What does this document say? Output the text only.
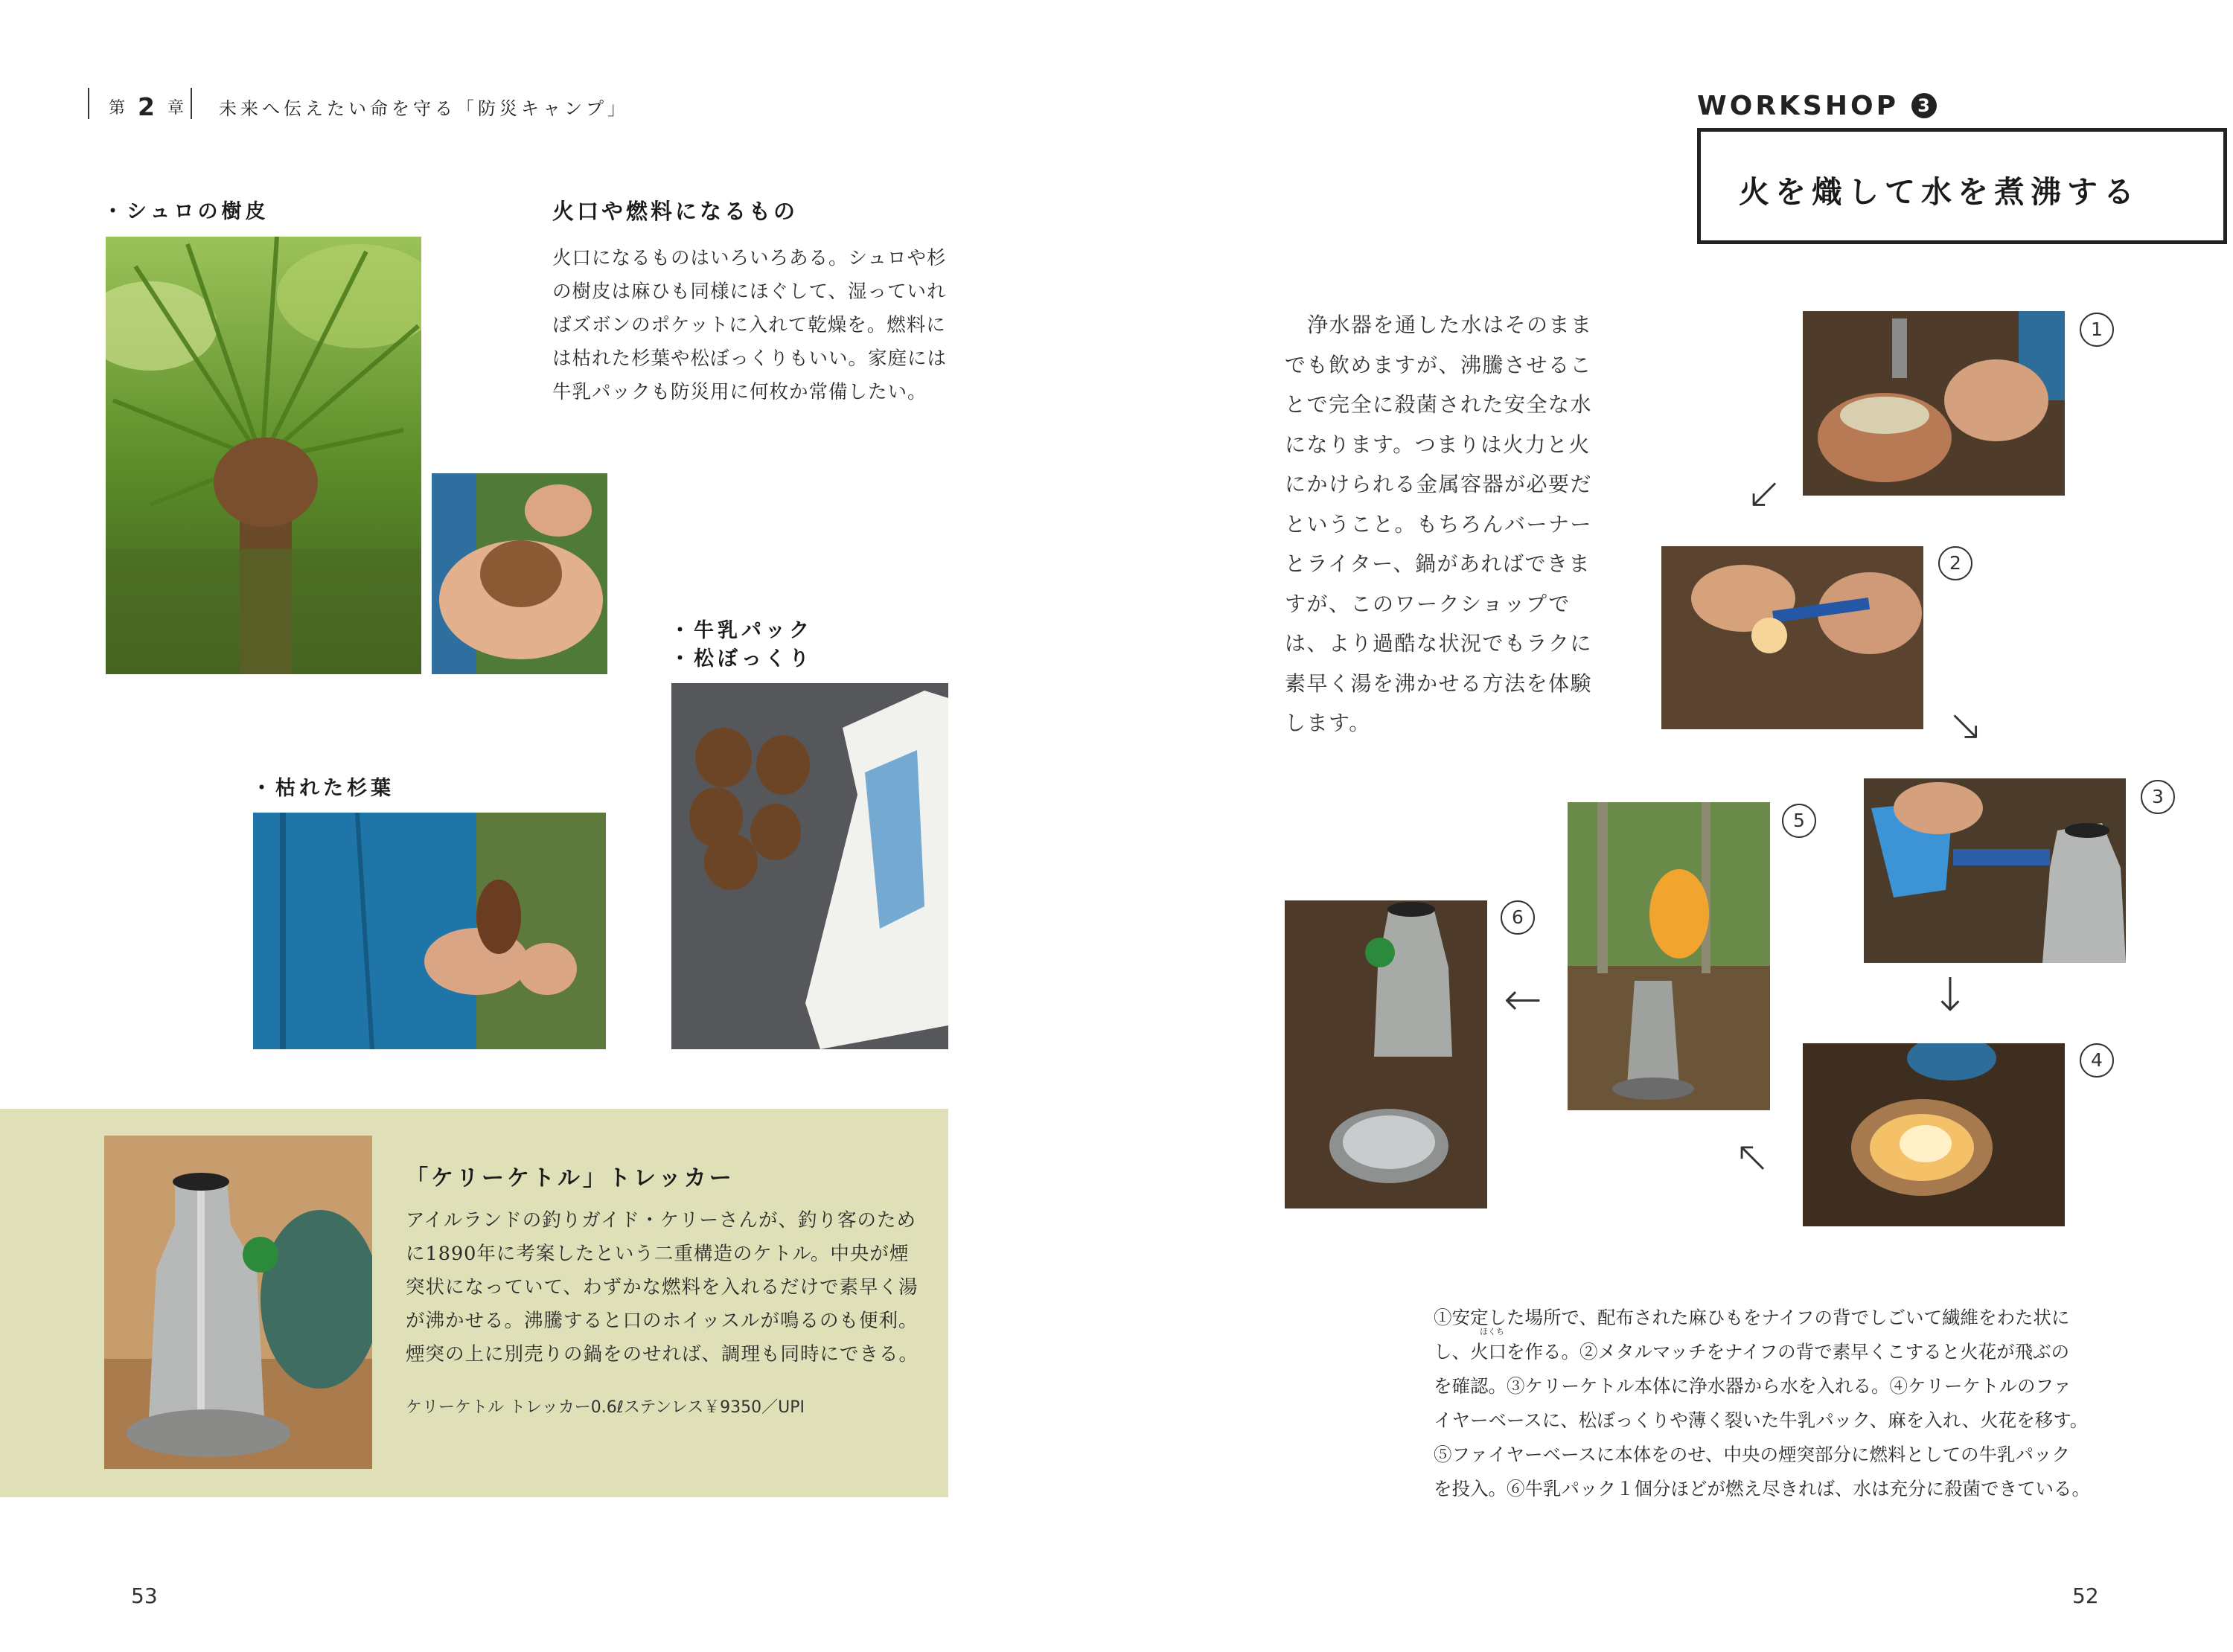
第 2 章 未来へ伝えたい命を守る「防災キャンプ」
・シュロの樹皮	火口や燃料になるもの
火口になるものはいろいろある。シュロや杉の樹皮は麻ひも同様にほぐして、湿っていればズボンのポケットに入れて乾燥を。燃料には枯れた杉葉や松ぼっくりもいい。家庭には牛乳パックも防災用に何枚か常備したい。
・牛乳パック
・松ぼっくり
・枯れた杉葉
「ケリーケトル」トレッカー
アイルランドの釣りガイド・ケリーさんが、釣り客のために1890年に考案したという二重構造のケトル。中央が煙突状になっていて、わずかな燃料を入れるだけで素早く湯が沸かせる。沸騰すると口のホイッスルが鳴るのも便利。煙突の上に別売りの鍋をのせれば、調理も同時にできる。
ケリーケトル トレッカー0.6ℓステンレス￥9350／UPI
53
WORKSHOP 3
火を熾して水を煮沸する
浄水器を通した水はそのままでも飲めますが、沸騰させることで完全に殺菌された安全な水になります。つまりは火力と火にかけられる金属容器が必要だということ。もちろんバーナーとライター、鍋があればできますが、このワークショップでは、より過酷な状況でもラクに素早く湯を沸かせる方法を体験します。
1
2
3
4
5
6
↙
↘
↓
↖
←
①安定した場所で、配布された麻ひもをナイフの背でしごいて繊維をわた状に
ほくち
し、火口を作る。②メタルマッチをナイフの背で素早くこすると火花が飛ぶの
を確認。③ケリーケトル本体に浄水器から水を入れる。④ケリーケトルのファ
イヤーベースに、松ぼっくりや薄く裂いた牛乳パック、麻を入れ、火花を移す。
⑤ファイヤーベースに本体をのせ、中央の煙突部分に燃料としての牛乳パック
を投入。⑥牛乳パック１個分ほどが燃え尽きれば、水は充分に殺菌できている。
52
